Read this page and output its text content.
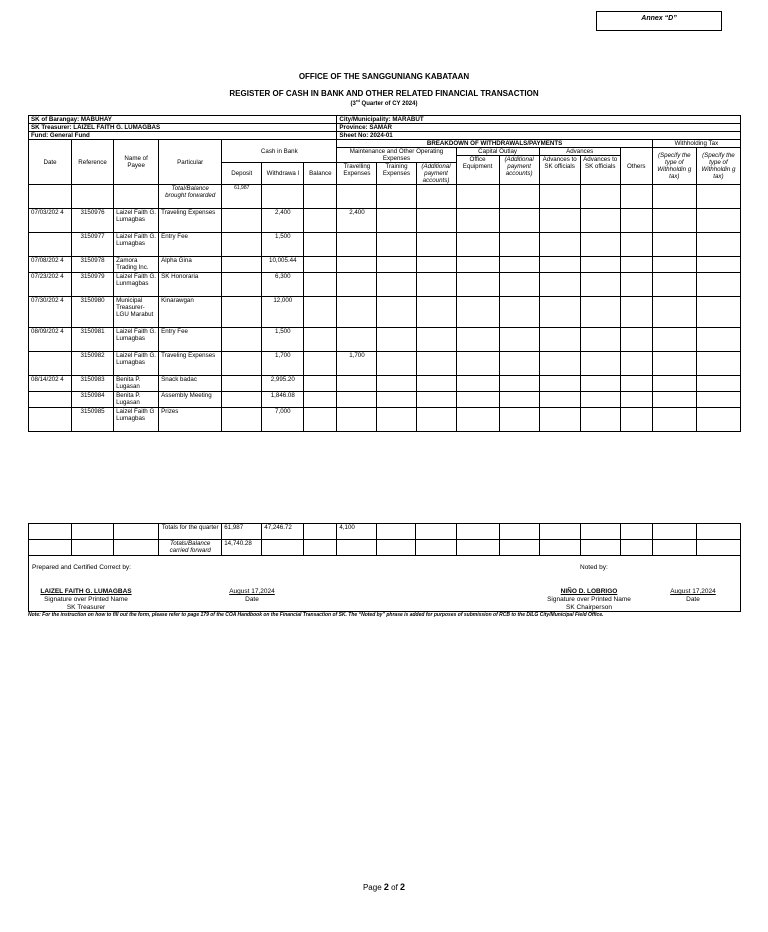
Annex “D”
OFFICE OF THE SANGGUNIANG KABATAAN
REGISTER OF CASH IN BANK AND OTHER RELATED FINANCIAL TRANSACTION
(3rd Quarter of CY 2024)
SK of Barangay: MABUHAY							City/Municipality: MARABUT									
SK Treasurer: LAIZEL FAITH G. LUMAGBAS							Province: SAMAR									
Fund: General Fund							Sheet No: 2024-01									
Date	Reference	Name of Payee	Particular	Cash in Bank			BREAKDOWN OF WITHDRAWALS/PAYMENTS								Withholding Tax	
							Maintenance and Other Operating Expenses			Capital Outlay		Advances		Others	(Specify the type of Withholdin g tax)	(Specify the type of Withholdin g tax)
										Office Equipment	(Additional payment accounts)	Advances to SK officials	Advances to SK officials			
				Deposit	Withdrawa l	Balance	Travelling Expenses	Training Expenses	(Additional payment accounts)							
			Total/Balance brought forwarded	61,987												
07/03/202 4	3150976	Laizel Faith G. Lumagbas	Traveling Expenses		2,400		2,400									
	3150977	Laizel Faith G. Lumagbas	Entry Fee		1,500											
07/08/202 4	3150978	Zamora Trading Inc.	Alpha Gina		10,005.44											
07/23/202 4	3150979	Laizel Faith G. Lunmagbas	SK Honoraria		6,300											
07/30/202 4	3150980	Municipal Treasurer-LGU Marabut	Kinarawgan		12,000											
08/09/202 4	3150981	Laizel Faith G. Lumagbas	Entry Fee		1,500											
	3150982	Laizel Faith G. Lumagbas	Traveling Expenses		1,700		1,700									
08/14/202 4	3150983	Benita P. Lugasan	Snack badac		2,995.20											
	3150984	Benita P. Lugasan	Assembly Meeting		1,846.08											
	3150985	Laizel Faith G Lumagbas	Prizes		7,000											
			Totals for the quarter	61,987	47,246.72		4,100									
			Totals/Balance carried forward	14,740.28												
Prepared and Certified Correct by:	Noted by:
LAIZEL FAITH G. LUMAGBAS
Signature over Printed Name
SK Treasurer
August 17,2024
Date
NIÑO D. LOBRIGO
Signature over Printed Name
SK Chairperson
August 17,2024
Date
Note: For the instruction on how to fill out the form, please refer to page 179 of the COA Handbook on the Financial Transaction of SK. The “Noted by” phrase is added for purposes of submission of RCB to the DILG City/Municipal Field Office.
Page 2 of 2
